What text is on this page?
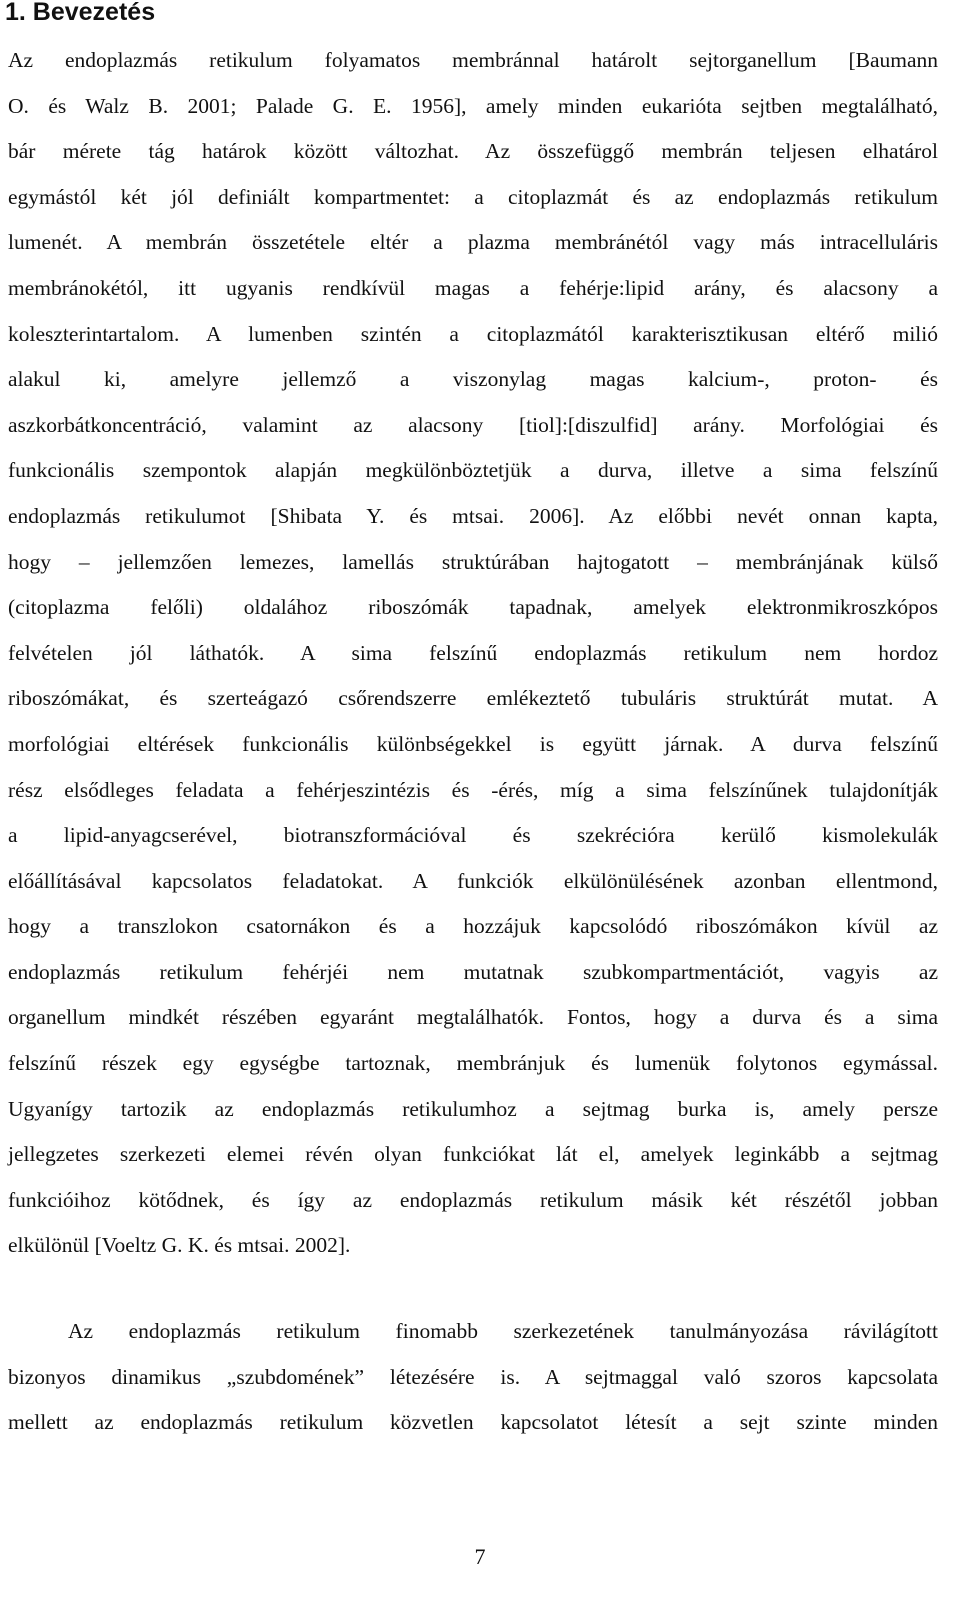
1. Bevezetés
Az endoplazmás retikulum folyamatos membránnal határolt sejtorganellum [Baumann
O. és Walz B. 2001; Palade G. E. 1956], amely minden eukarióta sejtben megtalálható,
bár mérete tág határok között változhat. Az összefüggő membrán teljesen elhatárol
egymástól két jól definiált kompartmentet: a citoplazmát és az endoplazmás retikulum
lumenét. A membrán összetétele eltér a plazma membránétól vagy más intracelluláris
membránokétól, itt ugyanis rendkívül magas a fehérje:lipid arány, és alacsony a
koleszterintartalom. A lumenben szintén a citoplazmától karakterisztikusan eltérő milió
alakul ki, amelyre jellemző a viszonylag magas kalcium-, proton- és
aszkorbátkoncentráció, valamint az alacsony [tiol]:[diszulfid] arány. Morfológiai és
funkcionális szempontok alapján megkülönböztetjük a durva, illetve a sima felszínű
endoplazmás retikulumot [Shibata Y. és mtsai. 2006]. Az előbbi nevét onnan kapta,
hogy – jellemzően lemezes, lamellás struktúrában hajtogatott – membránjának külső
(citoplazma felőli) oldalához riboszómák tapadnak, amelyek elektronmikroszkópos
felvételen jól láthatók. A sima felszínű endoplazmás retikulum nem hordoz
riboszómákat, és szerteágazó csőrendszerre emlékeztető tubuláris struktúrát mutat. A
morfológiai eltérések funkcionális különbségekkel is együtt járnak. A durva felszínű
rész elsődleges feladata a fehérjeszintézis és -érés, míg a sima felszínűnek tulajdonítják
a lipid-anyagcserével, biotranszformációval és szekrécióra kerülő kismolekulák
előállításával kapcsolatos feladatokat. A funkciók elkülönülésének azonban ellentmond,
hogy a transzlokon csatornákon és a hozzájuk kapcsolódó riboszómákon kívül az
endoplazmás retikulum fehérjéi nem mutatnak szubkompartmentációt, vagyis az
organellum mindkét részében egyaránt megtalálhatók. Fontos, hogy a durva és a sima
felszínű részek egy egységbe tartoznak, membránjuk és lumenük folytonos egymással.
Ugyanígy tartozik az endoplazmás retikulumhoz a sejtmag burka is, amely persze
jellegzetes szerkezeti elemei révén olyan funkciókat lát el, amelyek leginkább a sejtmag
funkcióihoz kötődnek, és így az endoplazmás retikulum másik két részétől jobban
elkülönül [Voeltz G. K. és mtsai. 2002].
Az endoplazmás retikulum finomabb szerkezetének tanulmányozása rávilágított
bizonyos dinamikus „szubdomének” létezésére is. A sejtmaggal való szoros kapcsolata
mellett az endoplazmás retikulum közvetlen kapcsolatot létesít a sejt szinte minden
7
